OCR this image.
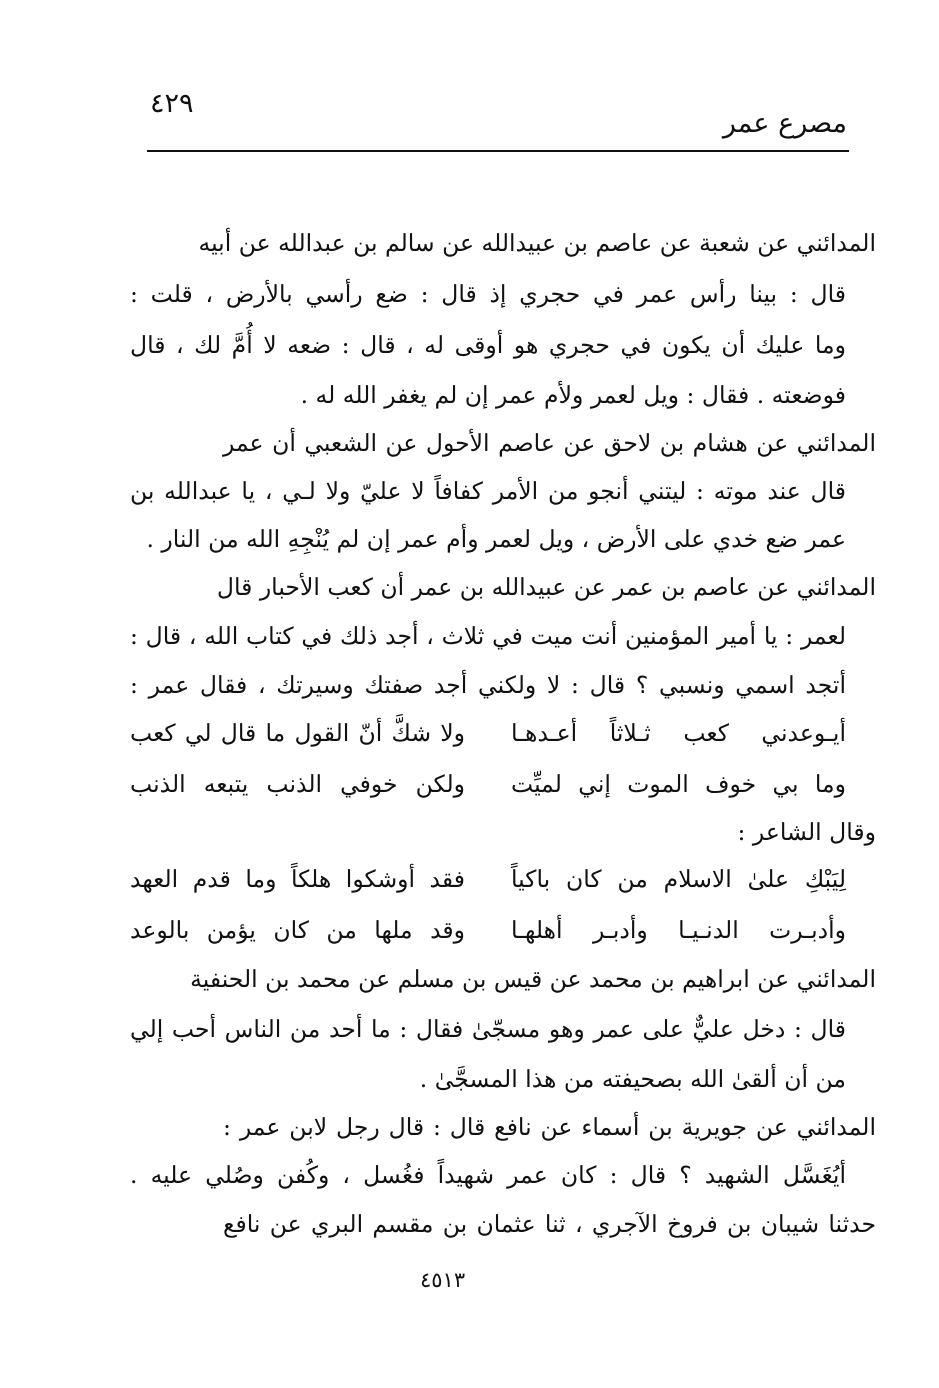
٤٢٩
مصرع عمر
المدائني عن شعبة عن عاصم بن عبيدالله عن سالم بن عبدالله عن أبيه
قال : بينا رأس عمر في حجري إذ قال : ضع رأسي بالأرض ، قلت :
وما عليك أن يكون في حجري هو أوقى له ، قال : ضعه لا أُمَّ لك ، قال
فوضعته . فقال : ويل لعمر ولأم عمر إن لم يغفر الله له .
المدائني عن هشام بن لاحق عن عاصم الأحول عن الشعبي أن عمر
قال عند موته : ليتني أنجو من الأمر كفافاً لا عليّ ولا لـي ، يا عبدالله بن
عمر ضع خدي على الأرض ، ويل لعمر وأم عمر إن لم يُنْجِهِ الله من النار .
المدائني عن عاصم بن عمر عن عبيدالله بن عمر أن كعب الأحبار قال
لعمر : يا أمير المؤمنين أنت ميت في ثلاث ، أجد ذلك في كتاب الله ، قال :
أتجد اسمي ونسبي ؟ قال : لا ولكني أجد صفتك وسيرتك ، فقال عمر :
أيـوعدني كعب ثـلاثاً أعـدهـا
ولا شكَّ أنّ القول ما قال لي كعب
وما بي خوف الموت إني لميِّت
ولكن خوفي الذنب يتبعه الذنب
وقال الشاعر :
لِيَبْكِ علىٰ الاسلام من كان باكياً
فقد أوشكوا هلكاً وما قدم العهد
وأدبـرت الدنـيـا وأدبـر أهلهـا
وقد ملها من كان يؤمن بالوعد
المدائني عن ابراهيم بن محمد عن قيس بن مسلم عن محمد بن الحنفية
قال : دخل عليٌّ على عمر وهو مسجّىٰ فقال : ما أحد من الناس أحب إلي
من أن ألقىٰ الله بصحيفته من هذا المسجَّىٰ .
المدائني عن جويرية بن أسماء عن نافع قال : قال رجل لابن عمر :
أيُغَسَّل الشهيد ؟ قال : كان عمر شهيداً فغُسل ، وكُفن وصُلي عليه .
حدثنا شيبان بن فروخ الآجري ، ثنا عثمان بن مقسم البري عن نافع
٤٥١٣
